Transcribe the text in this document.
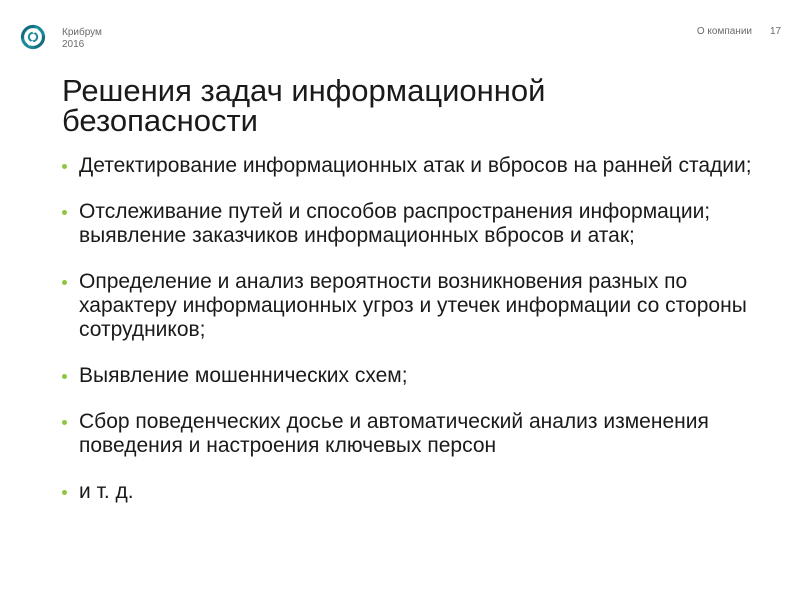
Крибрум
2016
О компании 17
Решения задач информационной безопасности
Детектирование информационных атак и вбросов на ранней стадии;
Отслеживание путей и способов распространения информации; выявление заказчиков информационных вбросов и атак;
Определение и анализ вероятности возникновения разных по характеру информационных угроз и утечек информации со стороны сотрудников;
Выявление мошеннических схем;
Сбор поведенческих досье и автоматический анализ изменения поведения и настроения ключевых персон
и т. д.
